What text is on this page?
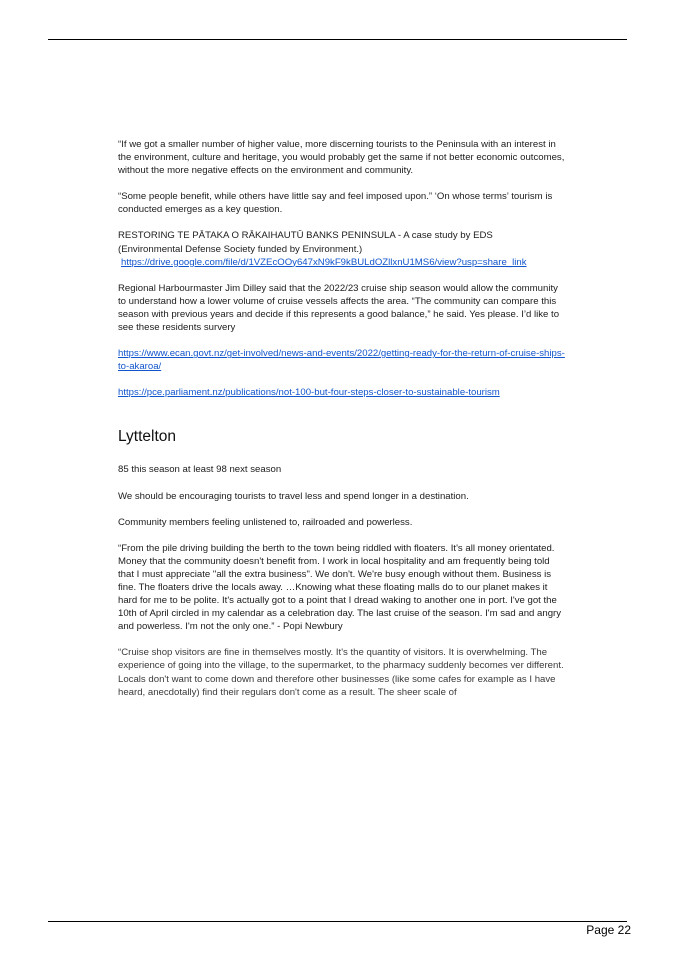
“If we got a smaller number of higher value, more discerning tourists to the Peninsula with an interest in the environment, culture and heritage, you would probably get the same if not better economic outcomes, without the more negative effects on the environment and community.

“Some people benefit, while others have little say and feel imposed upon.” ‘On whose terms’ tourism is conducted emerges as a key question.

RESTORING TE PĀTAKA O RĀKAIHAUTŪ BANKS PENINSULA - A case study by EDS
(Environmental Defense Society funded by Environment.)
https://drive.google.com/file/d/1VZEcOOy647xN9kF9kBULdOZllxnU1MS6/view?usp=share_link

Regional Harbourmaster Jim Dilley said that the 2022/23 cruise ship season would allow the community to understand how a lower volume of cruise vessels affects the area. “The community can compare this season with previous years and decide if this represents a good balance,” he said. Yes please. I’d like to see these residents survery

https://www.ecan.govt.nz/get-involved/news-and-events/2022/getting-ready-for-the-return-of-cruise-ships-to-akaroa/

https://pce.parliament.nz/publications/not-100-but-four-steps-closer-to-sustainable-tourism

Lyttelton

85 this season at least 98 next season

We should be encouraging tourists to travel less and spend longer in a destination.

Community members feeling unlistened to, railroaded and powerless.

“From the pile driving building the berth to the town being riddled with floaters. It's all money orientated. Money that the community doesn't benefit from. I work in local hospitality and am frequently being told that I must appreciate "all the extra business". We don't. We're busy enough without them. Business is fine. The floaters drive the locals away. …Knowing what these floating malls do to our planet makes it hard for me to be polite. It's actually got to a point that I dread waking to another one in port. I've got the 10th of April circled in my calendar as a celebration day. The last cruise of the season. I'm sad and angry and powerless. I'm not the only one.” - Popi Newbury

“Cruise shop visitors are fine in themselves mostly. It's the quantity of visitors. It is overwhelming. The experience of going into the village, to the supermarket, to the pharmacy suddenly becomes ver different. Locals don't want to come down and therefore other businesses (like some cafes for example as I have heard, anecdotally) find their regulars don't come as a result. The sheer scale of

Page 22
